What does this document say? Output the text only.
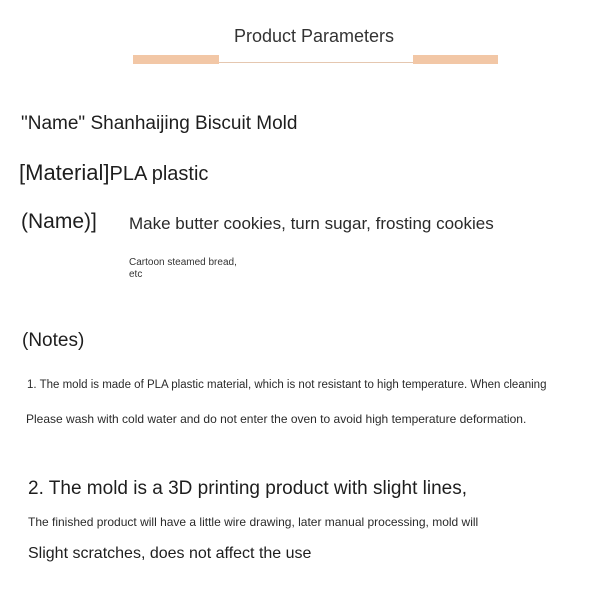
Product Parameters
"Name" Shanhaijing Biscuit Mold
[Material]PLA plastic
(Name)] Make butter cookies, turn sugar, frosting cookies
Cartoon steamed bread,
etc
(Notes)
1. The mold is made of PLA plastic material, which is not resistant to high temperature. When cleaning
Please wash with cold water and do not enter the oven to avoid high temperature deformation.
2. The mold is a 3D printing product with slight lines,
The finished product will have a little wire drawing, later manual processing, mold will
Slight scratches, does not affect the use
